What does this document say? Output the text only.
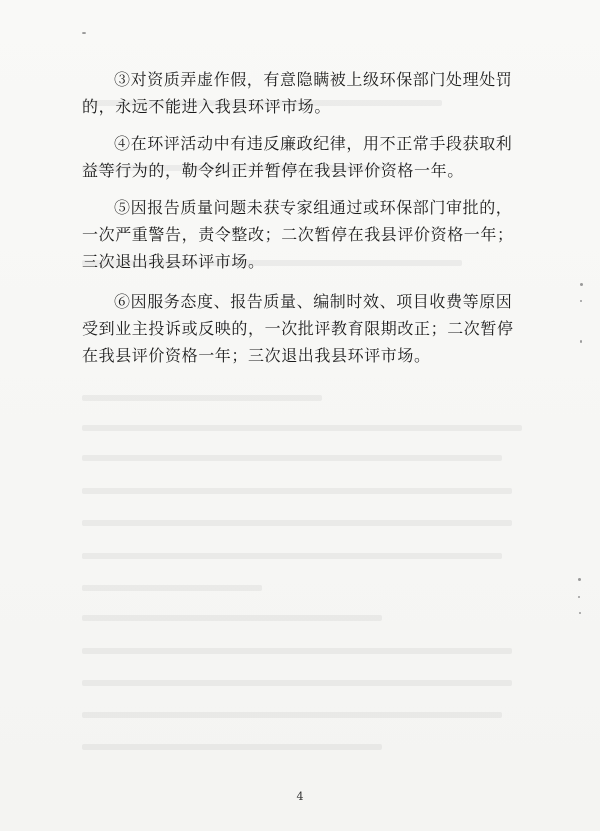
③对资质弄虚作假，有意隐瞒被上级环保部门处理处罚的，永远不能进入我县环评市场。

④在环评活动中有违反廉政纪律，用不正常手段获取利益等行为的，勒令纠正并暂停在我县评价资格一年。

⑤因报告质量问题未获专家组通过或环保部门审批的，一次严重警告，责令整改；二次暂停在我县评价资格一年；三次退出我县环评市场。

⑥因服务态度、报告质量、编制时效、项目收费等原因受到业主投诉或反映的，一次批评教育限期改正；二次暂停在我县评价资格一年；三次退出我县环评市场。

4
